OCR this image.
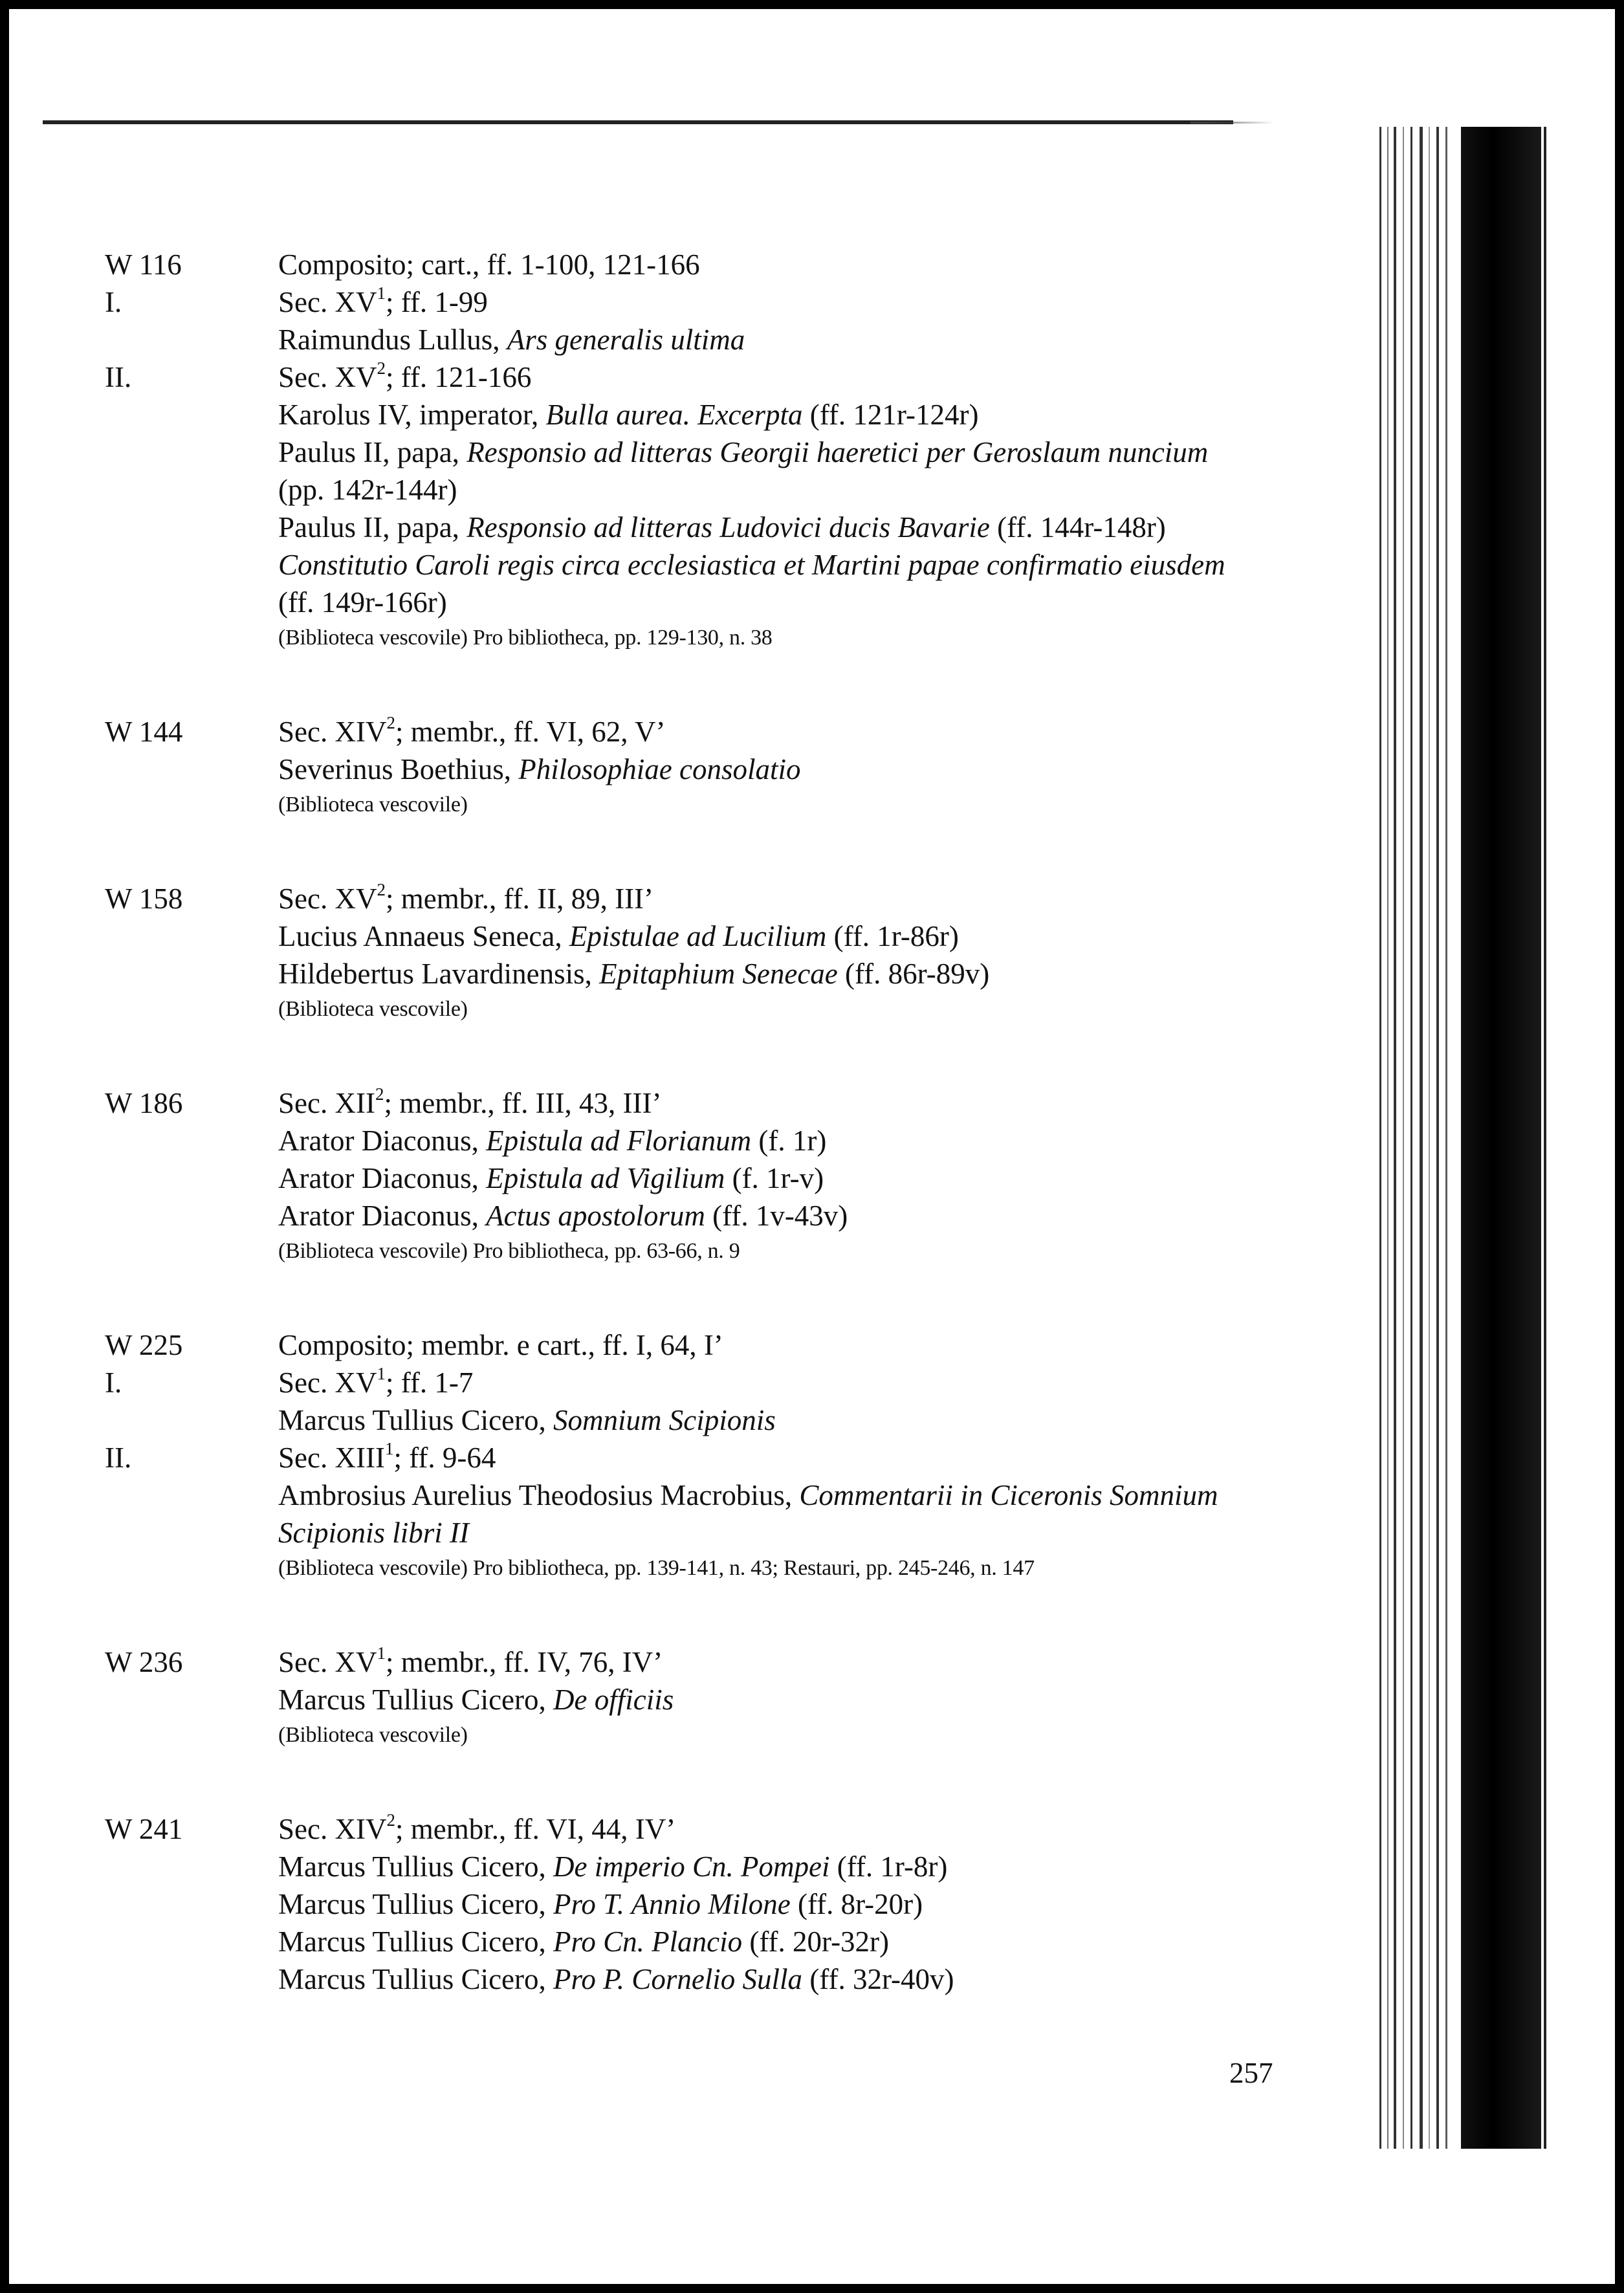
W 116	Composito; cart., ff. 1-100, 121-166
I.	Sec. $XV^1$; ff. 1-99
Raimundus Lullus, Ars generalis ultima
II.	Sec. $XV^2$; ff. 121-166
Karolus IV, imperator, Bulla aurea. Excerpta (ff. 121r-124r)
Paulus II, papa, Responsio ad litteras Georgii haeretici per Geroslaum nuncium
(pp. 142r-144r)
Paulus II, papa, Responsio ad litteras Ludovici ducis Bavarie (ff. 144r-148r)
Constitutio Caroli regis circa ecclesiastica et Martini papae confirmatio eiusdem
(ff. 149r-166r)
(Biblioteca vescovile) Pro bibliotheca, pp. 129-130, n. 38
W 144	Sec. XIV$^2$; membr., ff. VI, 62, V’
Severinus Boethius, Philosophiae consolatio
(Biblioteca vescovile)
W 158	Sec. $XV^2$; membr., ff. II, 89, III’
Lucius Annaeus Seneca, Epistulae ad Lucilium (ff. 1r-86r)
Hildebertus Lavardinensis, Epitaphium Senecae (ff. 86r-89v)
(Biblioteca vescovile)
W 186	Sec. XII$^2$; membr., ff. III, 43, III’
Arator Diaconus, Epistula ad Florianum (f. 1r)
Arator Diaconus, Epistula ad Vigilium (f. 1r-v)
Arator Diaconus, Actus apostolorum (ff. 1v-43v)
(Biblioteca vescovile) Pro bibliotheca, pp. 63-66, n. 9
W 225	Composito; membr. e cart., ff. I, 64, I’
I.	Sec. $XV^1$; ff. 1-7
Marcus Tullius Cicero, Somnium Scipionis
II.	Sec. XIII$^1$; ff. 9-64
Ambrosius Aurelius Theodosius Macrobius, Commentarii in Ciceronis Somnium
Scipionis libri II
(Biblioteca vescovile) Pro bibliotheca, pp. 139-141, n. 43; Restauri, pp. 245-246, n. 147
W 236	Sec. $XV^1$; membr., ff. IV, 76, IV’
Marcus Tullius Cicero, De officiis
(Biblioteca vescovile)
W 241	Sec. XIV$^2$; membr., ff. VI, 44, IV’
Marcus Tullius Cicero, De imperio Cn. Pompei (ff. 1r-8r)
Marcus Tullius Cicero, Pro T. Annio Milone (ff. 8r-20r)
Marcus Tullius Cicero, Pro Cn. Plancio (ff. 20r-32r)
Marcus Tullius Cicero, Pro P. Cornelio Sulla (ff. 32r-40v)
257
